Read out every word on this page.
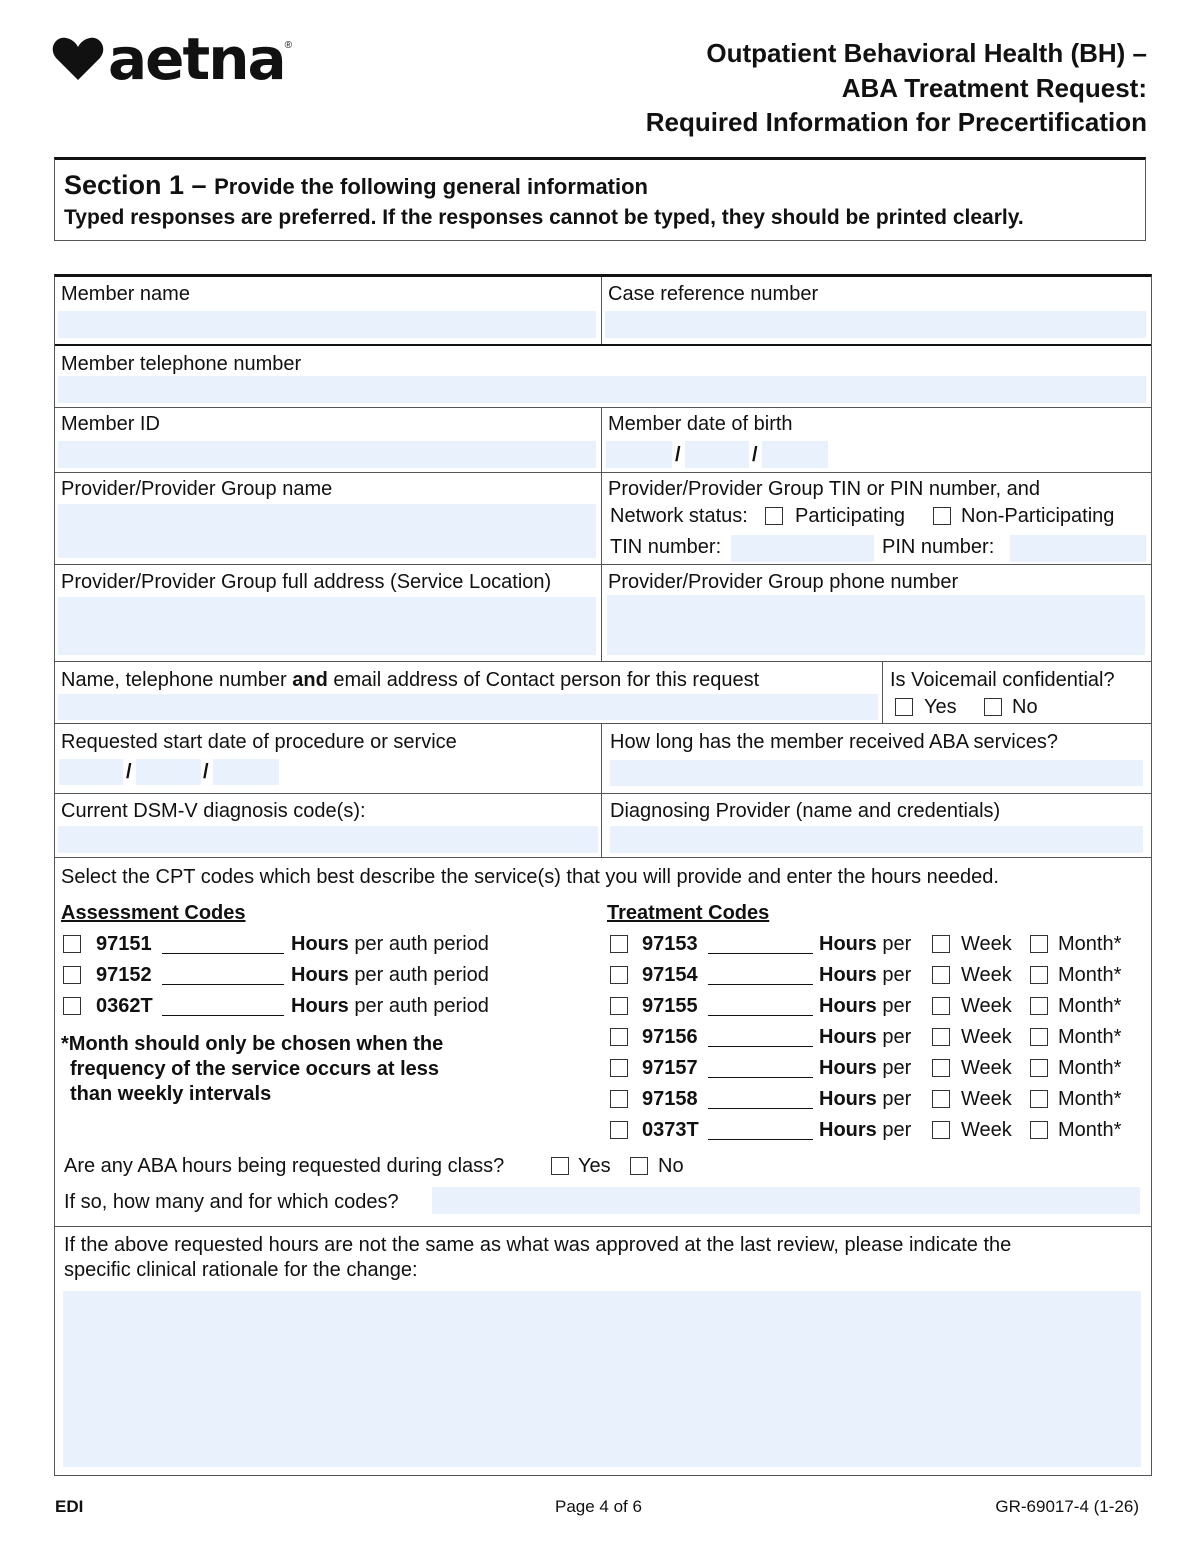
aetna ®	Outpatient Behavioral Health (BH) –
ABA Treatment Request:
Required Information for Precertification
Section 1 – Provide the following general information
Typed responses are preferred. If the responses cannot be typed, they should be printed clearly.
Member name	Case reference number
Member telephone number
Member ID	Member date of birth
/	/
Provider/Provider Group name	Provider/Provider Group TIN or PIN number, and
Network status: Participating	Non-Participating
TIN number:	PIN number:
Provider/Provider Group full address (Service Location)	Provider/Provider Group phone number
Name, telephone number and email address of Contact person for this request	Is Voicemail confidential?
Yes	No
Requested start date of procedure or service
/	/
How long has the member received ABA services?
Current DSM-V diagnosis code(s):	Diagnosing Provider (name and credentials)
Select the CPT codes which best describe the service(s) that you will provide and enter the hours needed.
Assessment Codes	Treatment Codes
97151	Hours per auth period
97152	Hours per auth period
0362T	Hours per auth period
97153	Hours per Week Month*
97154	Hours per Week Month*
97155	Hours per Week Month*
97156	Hours per Week Month*
97157	Hours per Week Month*
97158	Hours per Week Month*
0373T	Hours per Week Month*
*Month should only be chosen when the
frequency of the service occurs at less
than weekly intervals
Are any ABA hours being requested during class?	Yes No
If so, how many and for which codes?
If the above requested hours are not the same as what was approved at the last review, please indicate the
specific clinical rationale for the change:
EDI	Page 4 of 6	GR-69017-4 (1-26)
